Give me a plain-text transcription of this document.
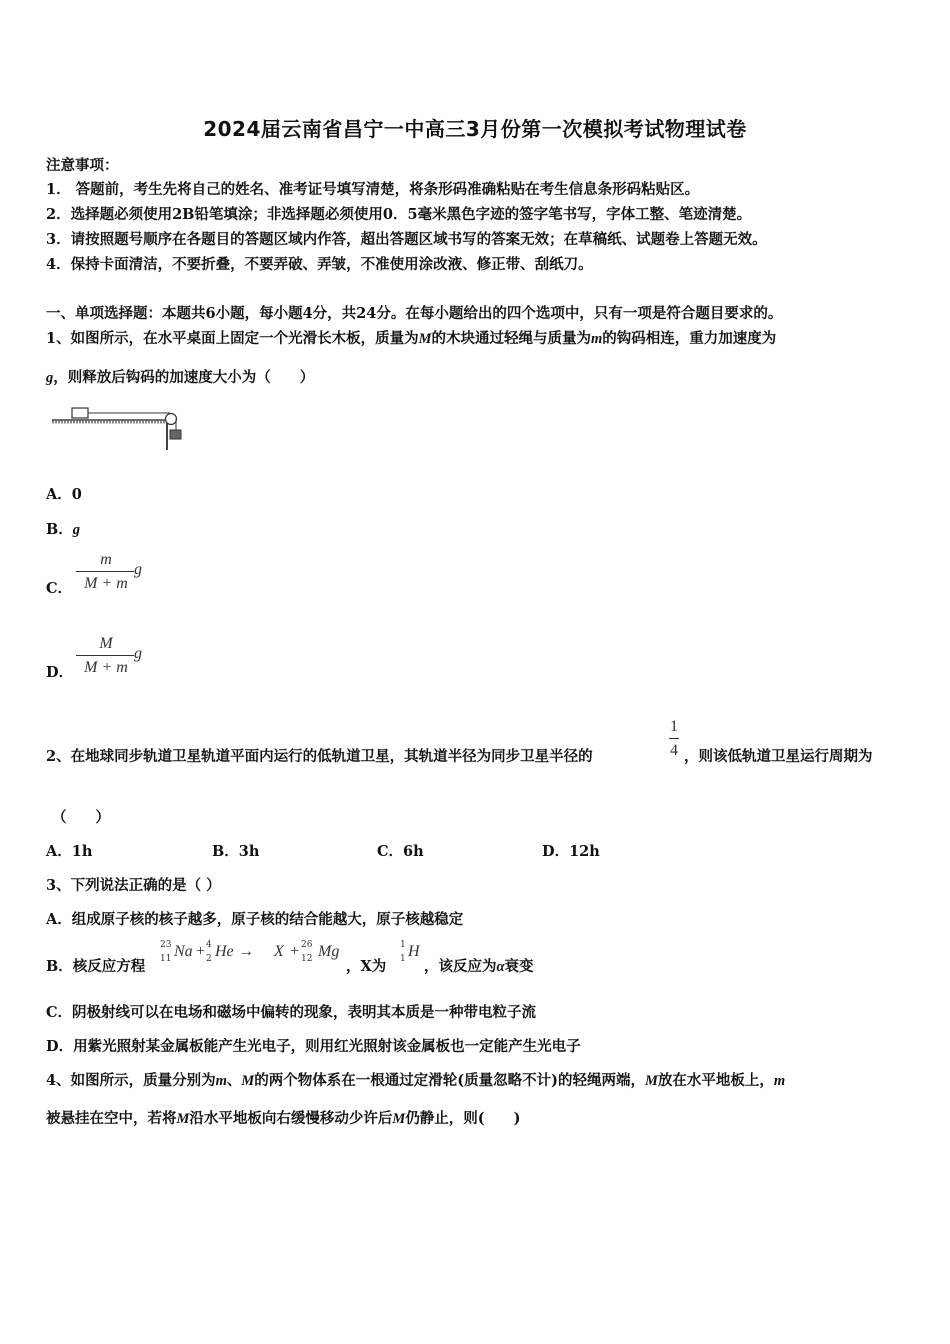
2024届云南省昌宁一中高三3月份第一次模拟考试物理试卷
注意事项：
1． 答题前，考生先将自己的姓名、准考证号填写清楚，将条形码准确粘贴在考生信息条形码粘贴区。
2．选择题必须使用2B铅笔填涂；非选择题必须使用0．5毫米黑色字迹的签字笔书写，字体工整、笔迹清楚。
3．请按照题号顺序在各题目的答题区域内作答，超出答题区域书写的答案无效；在草稿纸、试题卷上答题无效。
4．保持卡面清洁，不要折叠，不要弄破、弄皱，不准使用涂改液、修正带、刮纸刀。
一、单项选择题：本题共6小题，每小题4分，共24分。在每小题给出的四个选项中，只有一项是符合题目要求的。
1、如图所示，在水平桌面上固定一个光滑长木板，质量为M的木块通过轻绳与质量为m的钩码相连，重力加速度为
g，则释放后钩码的加速度大小为（　　）
A．0
B．g
C．
m
M + m
g
D．
M
M + m
g
2、在地球同步轨道卫星轨道平面内运行的低轨道卫星，其轨道半径为同步卫星半径的
1
4 ，则该低轨道卫星运行周期为
（　　）
A．1h	B．3h	C．6h	D．12h
3、下列说法正确的是（ ）
A．组成原子核的核子越多，原子核的结合能越大，原子核越稳定
B．核反应方程
23
11 Na + 4
2 He → X + 26
12 Mg
，X为
1
1 H
，该反应为α衰变
C．阴极射线可以在电场和磁场中偏转的现象，表明其本质是一种带电粒子流
D．用紫光照射某金属板能产生光电子，则用红光照射该金属板也一定能产生光电子
4、如图所示，质量分别为m、M的两个物体系在一根通过定滑轮(质量忽略不计)的轻绳两端，M放在水平地板上，m
被悬挂在空中，若将M沿水平地板向右缓慢移动少许后M仍静止，则(　　)
